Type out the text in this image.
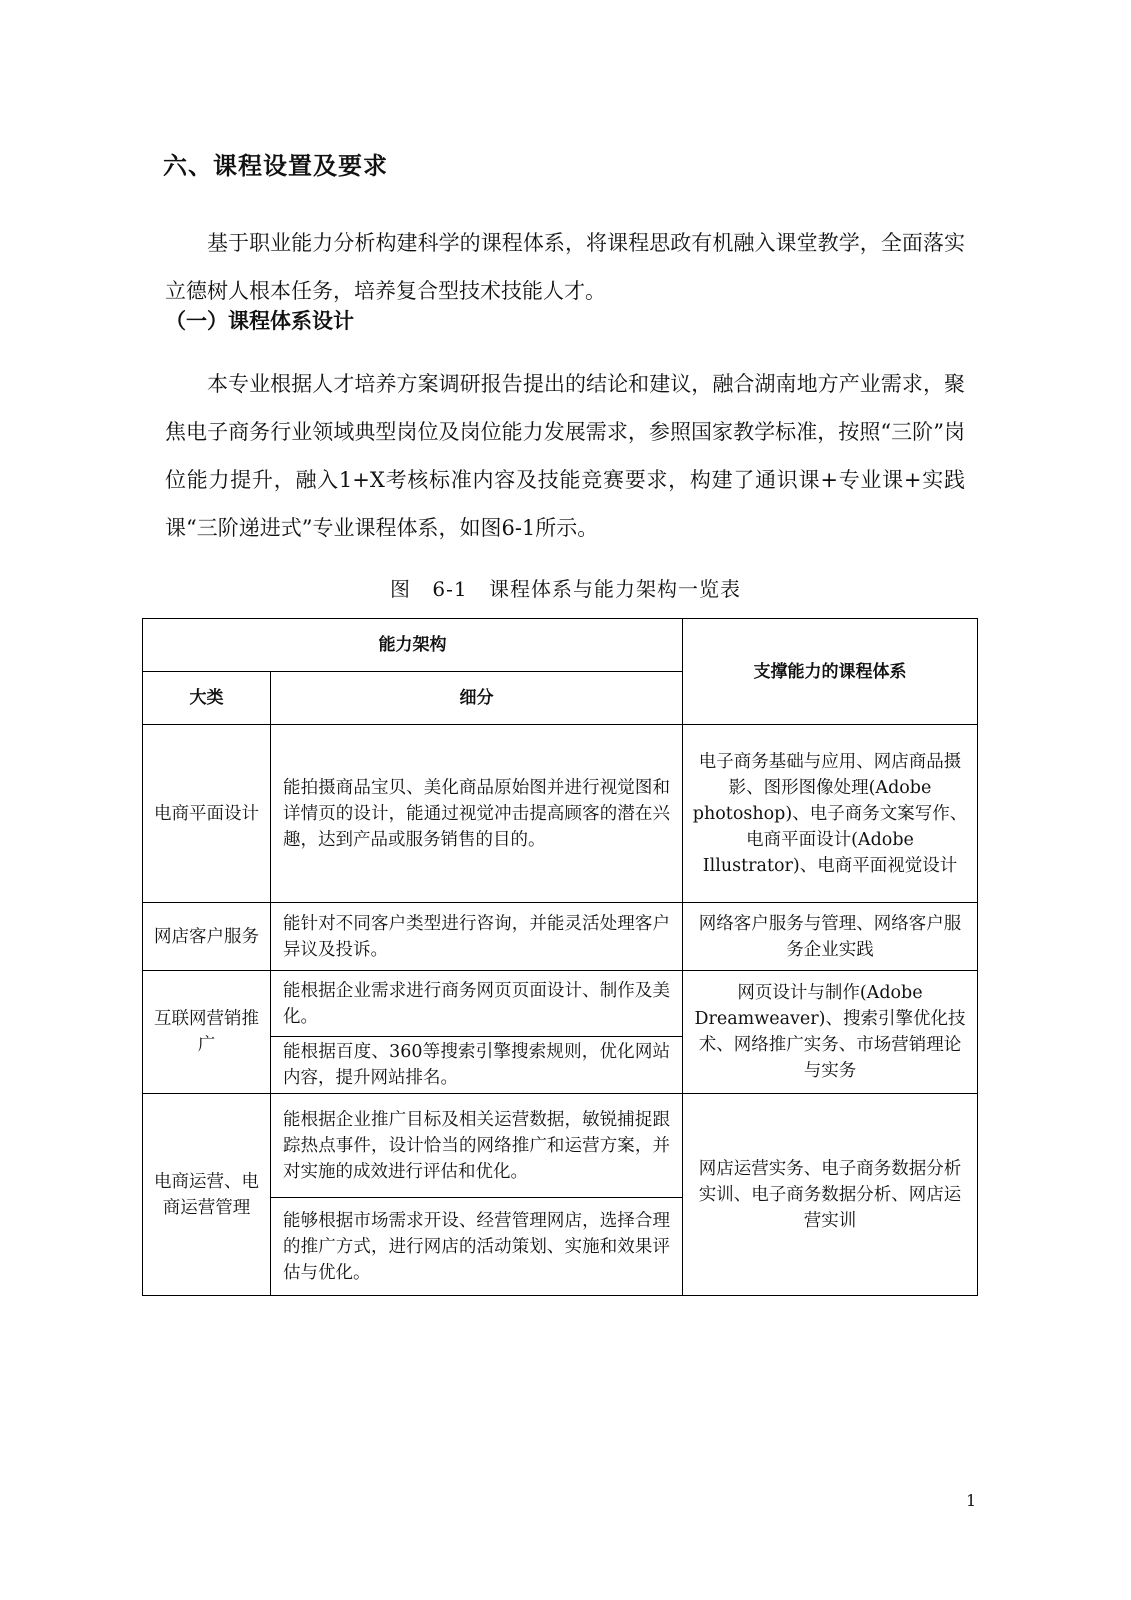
六、课程设置及要求
基于职业能力分析构建科学的课程体系，将课程思政有机融入课堂教学，全面落实立德树人根本任务，培养复合型技术技能人才。
（一）课程体系设计
本专业根据人才培养方案调研报告提出的结论和建议，融合湖南地方产业需求，聚焦电子商务行业领域典型岗位及岗位能力发展需求，参照国家教学标准，按照“三阶”岗位能力提升，融入1+X考核标准内容及技能竞赛要求，构建了通识课+专业课+实践课“三阶递进式”专业课程体系，如图6-1所示。
图 6-1 课程体系与能力架构一览表
能力架构		支撑能力的课程体系
大类	细分	
电商平面设计	能拍摄商品宝贝、美化商品原始图并进行视觉图和详情页的设计，能通过视觉冲击提高顾客的潜在兴趣，达到产品或服务销售的目的。	电子商务基础与应用、网店商品摄影、图形图像处理(Adobe photoshop)、电子商务文案写作、电商平面设计(Adobe Illustrator)、电商平面视觉设计
网店客户服务	能针对不同客户类型进行咨询，并能灵活处理客户异议及投诉。	网络客户服务与管理、网络客户服务企业实践
互联网营销推广	能根据企业需求进行商务网页页面设计、制作及美化。	网页设计与制作(Adobe Dreamweaver)、搜索引擎优化技术、网络推广实务、市场营销理论与实务
	能根据百度、360等搜索引擎搜索规则，优化网站内容，提升网站排名。	
电商运营、电商运营管理	能根据企业推广目标及相关运营数据，敏锐捕捉跟踪热点事件，设计恰当的网络推广和运营方案，并对实施的成效进行评估和优化。	网店运营实务、电子商务数据分析实训、电子商务数据分析、网店运营实训
	能够根据市场需求开设、经营管理网店，选择合理的推广方式，进行网店的活动策划、实施和效果评估与优化。	
1
